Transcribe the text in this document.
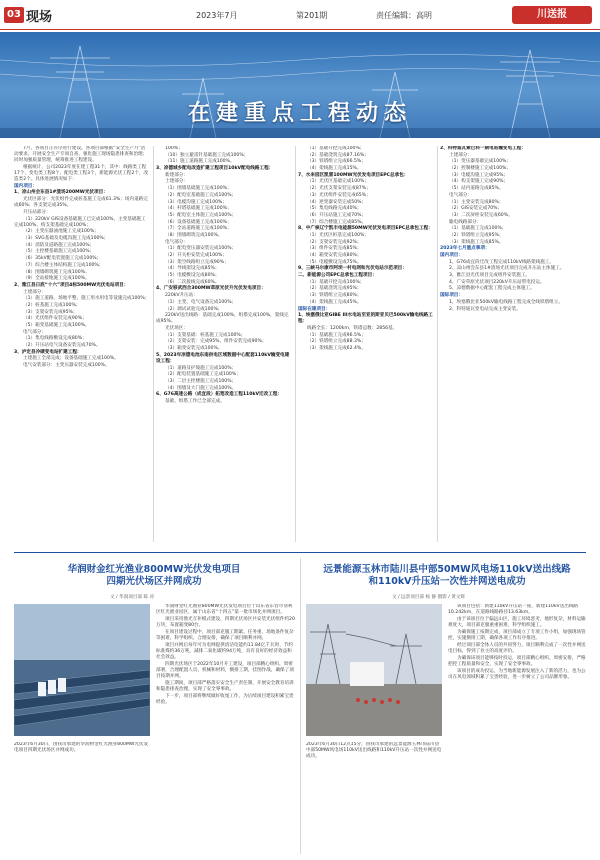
03 现场	2023年7月	第201期	责任编辑：高明	川送报
在建重点工程动态

7月，各项目正有序进行建设。各项目部根据“安全生产月”活动要求，开展安全生产专项自查，强化施工现场隐患排查和治理；同时加强质量管理，统筹推进工程建设。

根据统计，公司2023年度在建工程31个，其中：线路类工程17个，变电类工程8个，配电类工程3个，新能源光伏工程2个，改造类2个。具体进展情况如下：

国内项目：

1、凉山州会东县1#渣场200MW光伏项目：

光伏区部分：光伏组件完成桩基施工完成61.3%；场内道路完成60%；各支架完成35%。

升压站部分：

（1）220kV GIS设备基础施工已完成100%，主变基础施工完成100%，构支架基础完成100%；

（2）主变压器油池施工完成100%；

（3）SVG基础及电缆沟施工完成100%；

（4）消防及道路施工完成100%；

（5）主控楼基础施工完成100%；

（6）35kV配电装置施工完成100%；

（7）综合楼主体结构施工完成100%；

（8）围墙砌筑施工完成100%；

（9）全站接地施工完成100%。

2、雅江县日底“十六”项目4标500MW光伏电站项目：

土建部分：

（1）施工道路、场地平整、施工用水用电等设施完成100%；

（2）桩基施工完成100%；

（3）支架安装完成95%；

（4）光伏组件安装完成90%；

（5）箱变基础施工完成100%。

电气部分：

（1）集电线路敷设完成80%；

（2）升压站电气设备安装完成70%。

3、泸定县冷碛变电站扩建工程：

土建施工全部完成；设备基础施工完成100%。

电气安装部分：主变压器安装完成100%。

100%；

（10）独立避雷针基础施工完成100%；

（11）施工道路施工完成100%。

3、凉德城乡配电改造扩建工程项目10kV配电线路工程：

新建部分：

土建部分：

（1）围墙基础施工完成100%；

（2）配电室基础施工完成100%；

（3）电缆沟施工完成100%；

（4）杆塔基础施工完成100%；

（5）配电室主体施工完成100%；

（6）设备基础施工完成100%；

（7）全站道路施工完成100%；

（8）围墙砌筑完成100%。

电气部分：

（1）配电变压器安装完成100%；

（2）开关柜安装完成100%；

（3）架空线路组立完成90%；

（4）导线架设完成85%；

（5）电缆敷设完成80%；

（6）二次接线完成60%。

4、广安移武西合300MW草原光伏升光伏发电项目：

220kV升压站：

（1）主变、电气设备完成100%；

（2）调试试验完成100%；

220kV送出线路：基础完成100%，组塔完成100%，架线完成95%。

光伏场区：

（1）支架基础：桩基施工完成100%；

（2）支架安装：完成95%，组件安装完成90%；

（3）箱变安装完成100%。

5、2023年凉德电池东南供电区域数据中心配套110kV输变电建设工程：

（1）道路及护坡施工完成100%；

（2）配电装置基础施工完成100%；

（3）二层主控楼施工完成100%；

（4）围墙及大门施工完成100%。

6、G76高速公路（成宜段）拓宽改造工程110kV迁改工程：

基础、组塔工作已全部完成。

（1）基础开挖完成100%；

（2）基础浇筑完成87.16%；

（3）铁塔组立完成66.5%；

（4）架线施工完成15%。

7、水来园区凯雷100MW光伏发电项目EPC总承包：

（1）光伏区基础完成100%；

（2）光伏支架安装完成87%；

（3）光伏组件安装完成65%；

（4）逆变器安装完成50%；

（5）集电线路完成40%；

（6）升压站施工完成70%；

（7）综合楼施工完成85%。

8、中广核辽宁凯丰电能源50MW光伏发电项目EPC总承包工程：

（1）光伏区桩基完成100%；

（2）支架安装完成92%；

（3）组件安装完成85%；

（4）箱变安装完成80%；

（5）电缆敷设完成75%。

9、三峡马尔康市阿坝一村电网和光伏电站示范项目：

二、新能源公司EPC总承包工程项目：

（1）基础开挖完成100%；

（2）基础浇筑完成95%；

（3）铁塔组立完成80%；

（4）架线施工完成45%。

国际在建项目：

1、埃塞俄比亚GIBE III水电站至亚的斯亚贝巴500kV输电线路工程：

线路全长：1200km，铁塔总数：2856基。

（1）基础施工完成96.5%；

（2）铁塔组立完成88.3%；

（3）架线施工完成62.4%。

2、科特迪瓦索巴科一期电站输变电工程：

土建部分：

（1）变压器基础完成100%；

（2）控制楼施工完成100%；

（3）电缆沟施工完成95%；

（4）构支架施工完成90%；

（5）站内道路完成85%。

电气部分：

（1）主变安装完成80%；

（2）GIS安装完成70%；

（3）二次屏柜安装完成60%。

输电线路部分：

（1）基础施工完成100%；

（2）铁塔组立完成95%；

（3）架线施工完成85%。

2023年七月重点事项：

国内项目：

1、G76成宜段迁改工程完成110kV线路架线施工。

2、凉山州会东县1#渣场光伏项目完成升压站主体施工。

3、雅江县光伏项目完成组件安装施工。

4、广安草原光伏项目220kV升压站带电投运。

5、凉德数据中心配套工程完成主体施工。

国际项目：

1、埃塞俄比亚500kV输电线路工程完成全线铁塔组立。

2、科特迪瓦变电站完成主变安装。

华润财金红光渔业800MW光伏发电项目
四期光伏场区并网成功
文 / 华润项目部 陈 涛
2023年6月30日，由我司承建的华润财金红光渔业800MW光伏发电项目四期光伏场区并网成功。

华润财金红光渔业800MW光伏发电项目位于山东省东营市垦利区红光渔业园区，属于山东省“十四五”第一批市场化并网项目。

项目采用渔光互补模式建设，四期光伏场区共安装光伏组件约20万块，布置箱变80台。

在项目建设过程中，项目部克服工期紧、任务重、场地条件复杂等困难，科学组织、合理安排，确保了项目顺利并网。

项目并网后每年可为电网提供清洁电能约11.84亿千瓦时，节约标准煤约36万吨，减排二氧化碳约94万吨，具有良好的经济效益和社会效益。

四期光伏场区于2022年10月开工建设，项目部精心组织、周密部署，合理配置人员、机械和材料，倒排工期，挂图作战，确保了项目按期并网。

施工期间，项目部严格落实安全生产责任制，开展安全教育培训和隐患排查治理，实现了安全零事故。

下一步，项目部将继续做好收尾工作，为后续项目建设积累宝贵经验。

远景能源玉林市陆川县中部50MW风电场110kV送出线路
和110kV升压站一次性并网送电成功
文 / 远景项目部 杨 静 摄影 / 黄文辉
2023年6月30日12点15分，由我司承建的远景能源玉林市陆川县中部50MW风电场110kV送出线路和110kV升压站一次性并网送电成功。

该项目包括：新建110kV升压站一座，新建110kV送出线路10.242km，在道路线路路径13.63km。

由于该项目位于偏远山区，施工环境恶劣，地形复杂，材料运输难度大，项目部克服重重困难，科学组织施工。

为确保施工按期完成，项目部成立了专项工作小组，加强现场管控，实施倒排工期，确保各项工作有序推进。

经过项目部全体人员的共同努力，项目顺利完成了一次性并网送电目标，得到了业主的高度评价。

为确保该项目能够按时投运，项目部精心组织、周密安排，严格把控工程质量和安全，实现了安全零事故。

该项目的成功投运，为当地新能源发展注入了新的活力，也为公司在风电领域积累了宝贵经验，进一步树立了公司品牌形象。
